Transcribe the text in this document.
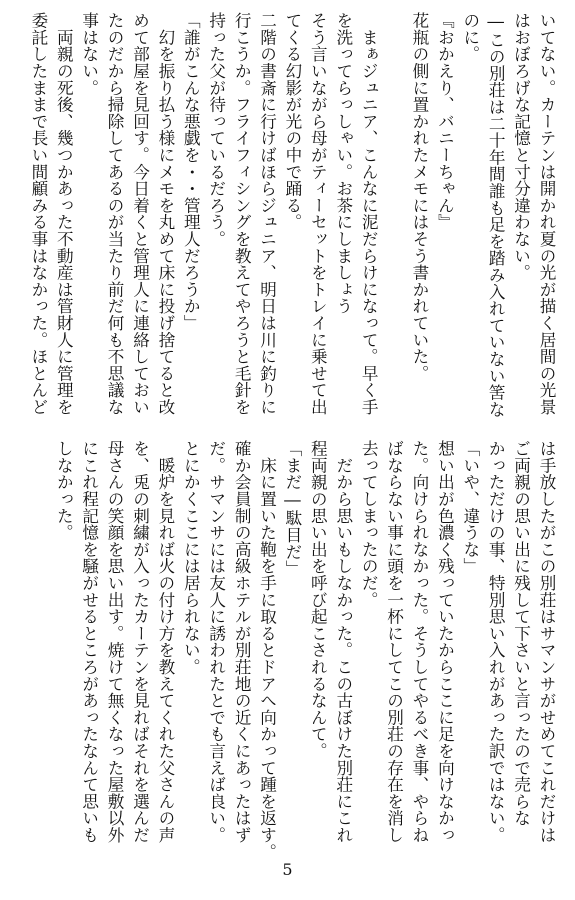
いてない。カーテンは開かれ夏の光が描く居間の光景
はおぼろげな記憶と寸分違わない。
―この別荘は二十年間誰も足を踏み入れていない筈な
のに。
『おかえり、バニーちゃん』
花瓶の側に置かれたメモにはそう書かれていた。

　まぁジュニア、こんなに泥だらけになって。早く手
を洗ってらっしゃい。お茶にしましょう
そう言いながら母がティーセットをトレイに乗せて出
てくる幻影が光の中で踊る。
二階の書斎に行けばほらジュニア、明日は川に釣りに
行こうか。フライフィシングを教えてやろうと毛針を
持った父が待っているだろう。
「誰がこんな悪戯を・・管理人だろうか」
　幻を振り払う様にメモを丸めて床に投げ捨てると改
めて部屋を見回す。今日着くと管理人に連絡しておい
たのだから掃除してあるのが当たり前だ何も不思議な
事はない。
　両親の死後、幾つかあった不動産は管財人に管理を
委託したままで長い間顧みる事はなかった。ほとんど
は手放したがこの別荘はサマンサがせめてこれだけは
ご両親の思い出に残して下さいと言ったので売らな
かっただけの事、特別思い入れがあった訳ではない。
「いや、違うな」
想い出が色濃く残っていたからここに足を向けなかっ
た。向けられなかった。そうしてやるべき事、やらね
ばならない事に頭を一杯にしてこの別荘の存在を消し
去ってしまったのだ。
　だから思いもしなかった。この古ぼけた別荘にこれ
程両親の思い出を呼び起こされるなんて。
「まだ―駄目だ」
　床に置いた鞄を手に取るとドアへ向かって踵を返す。
確か会員制の高級ホテルが別荘地の近くにあったはず
だ。サマンサには友人に誘われたとでも言えば良い。
とにかくここには居られない。
　暖炉を見れば火の付け方を教えてくれた父さんの声
を、兎の刺繍が入ったカーテンを見ればそれを選んだ
母さんの笑顔を思い出す。焼けて無くなった屋敷以外
にこれ程記憶を騒がせるところがあったなんて思いも
しなかった。
5
